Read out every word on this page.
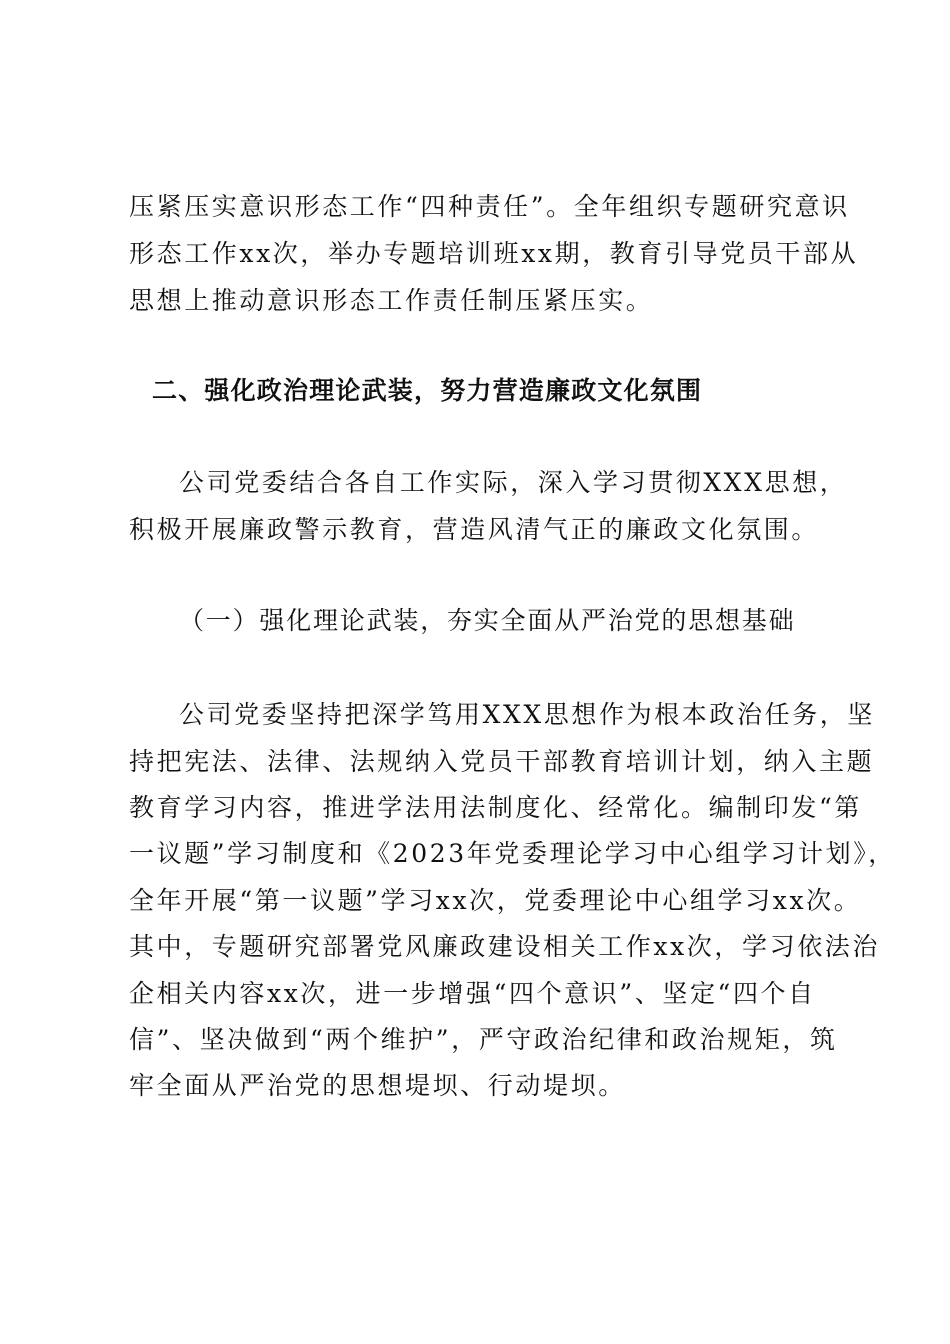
压紧压实意识形态工作“四种责任”。全年组织专题研究意识
形态工作xx次，举办专题培训班xx期，教育引导党员干部从
思想上推动意识形态工作责任制压紧压实。
二、强化政治理论武装，努力营造廉政文化氛围
公司党委结合各自工作实际，深入学习贯彻XXX思想，
积极开展廉政警示教育，营造风清气正的廉政文化氛围。
（一）强化理论武装，夯实全面从严治党的思想基础
公司党委坚持把深学笃用XXX思想作为根本政治任务，坚
持把宪法、法律、法规纳入党员干部教育培训计划，纳入主题
教育学习内容，推进学法用法制度化、经常化。编制印发“第
一议题”学习制度和《2023年党委理论学习中心组学习计划》，
全年开展“第一议题”学习xx次，党委理论中心组学习xx次。
其中，专题研究部署党风廉政建设相关工作xx次，学习依法治
企相关内容xx次，进一步增强“四个意识”、坚定“四个自
信”、坚决做到“两个维护”，严守政治纪律和政治规矩，筑
牢全面从严治党的思想堤坝、行动堤坝。
